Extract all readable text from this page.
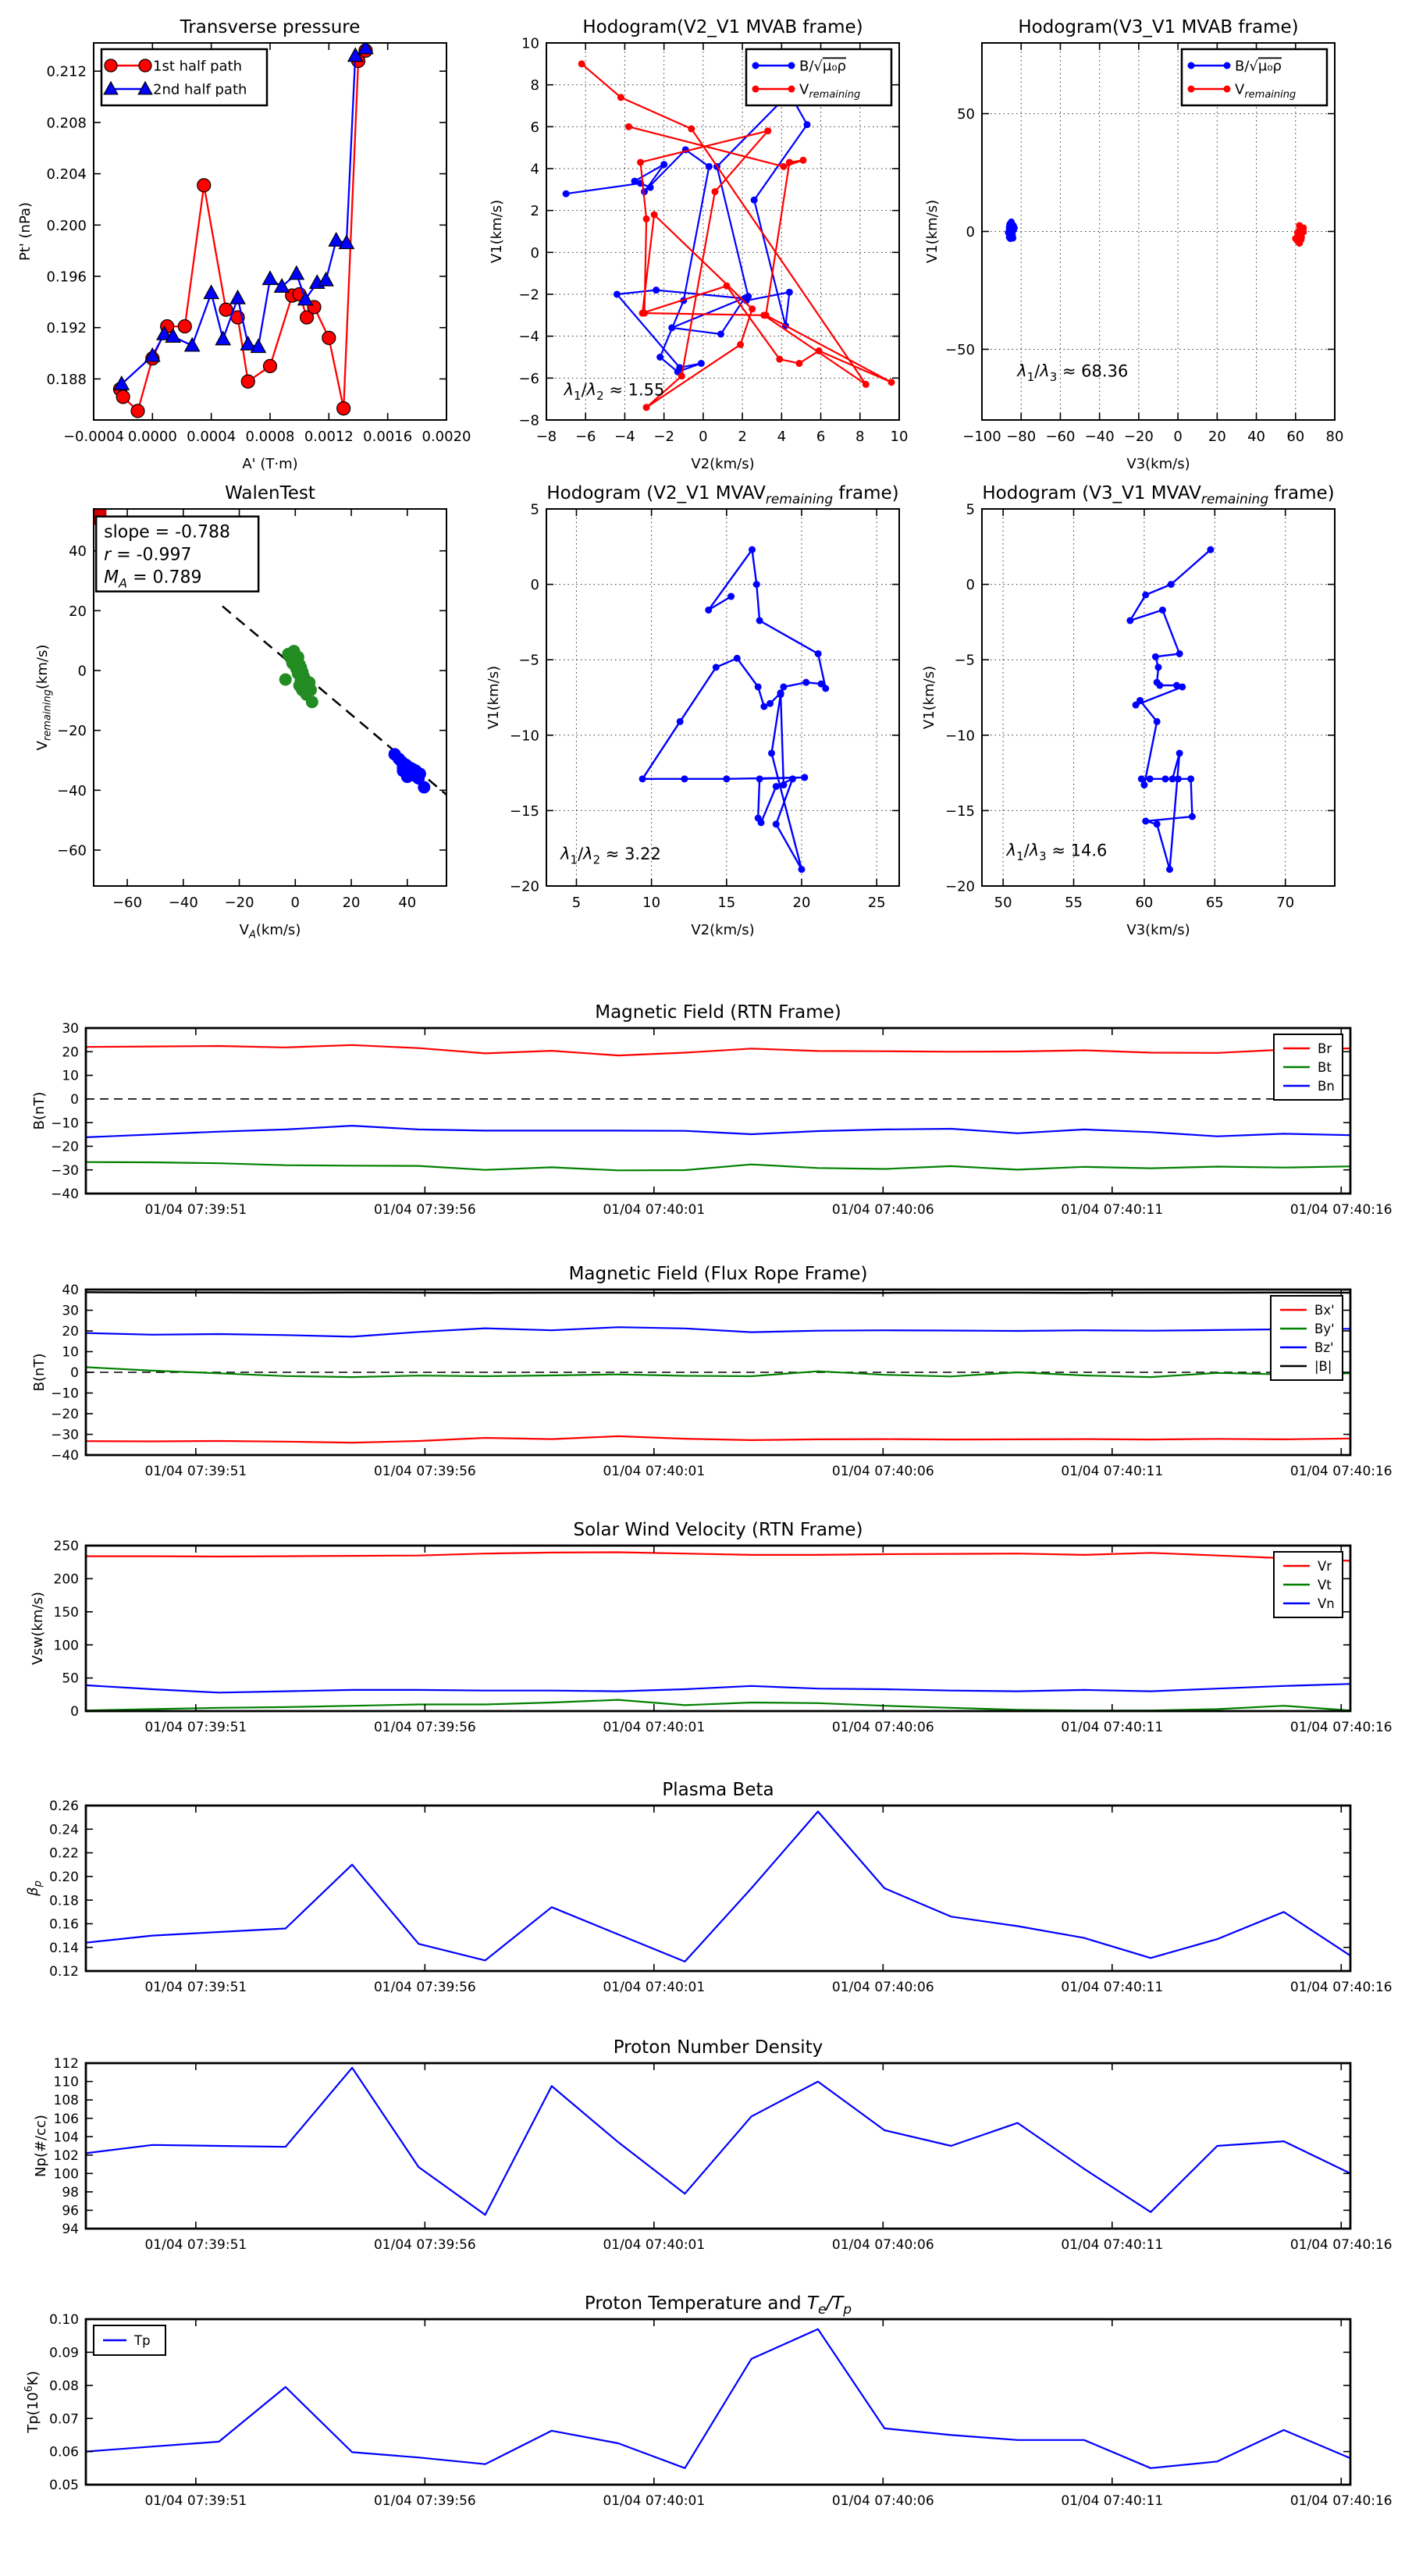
−0.0004 0.0000 0.0004 0.0008 0.0012 0.0016 0.0020
0.188
0.192
0.196
0.200
0.204
0.208
0.212
Transverse pressure
A' (T·m)
Pt' (nPa)
1st half path
2nd half path
−8 −6 −4 −2 0 2 4 6 8 10
−8
−6
−4
−2
0
2
4
6
8
10
Hodogram(V2_V1 MVAB frame)
V2(km/s)
V1(km/s)
$\lambda_1/\lambda_2 \approx 1.55$
B/√μ₀ρ
$V_{remaining}$
−100 −80 −60 −40 −20 0 20 40 60 80
−50
0
50
Hodogram(V3_V1 MVAB frame)
V3(km/s)
V1(km/s)
$\lambda_1/\lambda_3 \approx 68.36$
B/√μ₀ρ
$V_{remaining}$
−60 −40 −20	0	20	40
−60
−40
−20
0
20
40
WalenTest
$V_A(km/s)$
$V_{remaining}(km/s)$
slope = -0.788
r = -0.997
$M_A = 0.789$
5	10	15	20	25
5
0
−5
−10
−15
−20
Hodogram (V2_V1 $MVAV_{remaining}$ frame)
V2(km/s)
V1(km/s)
$\lambda_1/\lambda_2 \approx 3.22$
50	55	60	65	70
5
0
−5
−10
−15
−20
Hodogram (V3_V1 $MVAV_{remaining}$ frame)
V3(km/s)
V1(km/s)
$\lambda_1/\lambda_3 \approx 14.6$
01/04 07:39:51	01/04 07:39:56	01/04 07:40:01	01/04 07:40:06	01/04 07:40:11	01/04 07:40:16
−40
−30
−20
−10
0
10
20
30
Magnetic Field (RTN Frame)
B(nT)
Br
Bt
Bn
01/04 07:39:51	01/04 07:39:56	01/04 07:40:01	01/04 07:40:06	01/04 07:40:11	01/04 07:40:16
−40
−30
−20
−10
0
10
20
30
40
Magnetic Field (Flux Rope Frame)
B(nT)
Bx'
By'
Bz'
|B|
01/04 07:39:51	01/04 07:39:56	01/04 07:40:01	01/04 07:40:06	01/04 07:40:11	01/04 07:40:16
0
50
100
150
200
250
Solar Wind Velocity (RTN Frame)
Vsw(km/s)
Vr
Vt
Vn
01/04 07:39:51	01/04 07:39:56	01/04 07:40:01	01/04 07:40:06	01/04 07:40:11	01/04 07:40:16
0.12
0.14
0.16
0.18
0.20
0.22
0.24
0.26
Plasma Beta
$\beta_p$
01/04 07:39:51	01/04 07:39:56	01/04 07:40:01	01/04 07:40:06	01/04 07:40:11	01/04 07:40:16
94
96
98
100
102
104
106
108
110
112
Proton Number Density
Np(#/cc)
01/04 07:39:51	01/04 07:39:56	01/04 07:40:01	01/04 07:40:06	01/04 07:40:11	01/04 07:40:16
0.05
0.06
0.07
0.08
0.09
0.10
Proton Temperature and $T_e/T_p$
$Tp(10^6K)$
Tp
